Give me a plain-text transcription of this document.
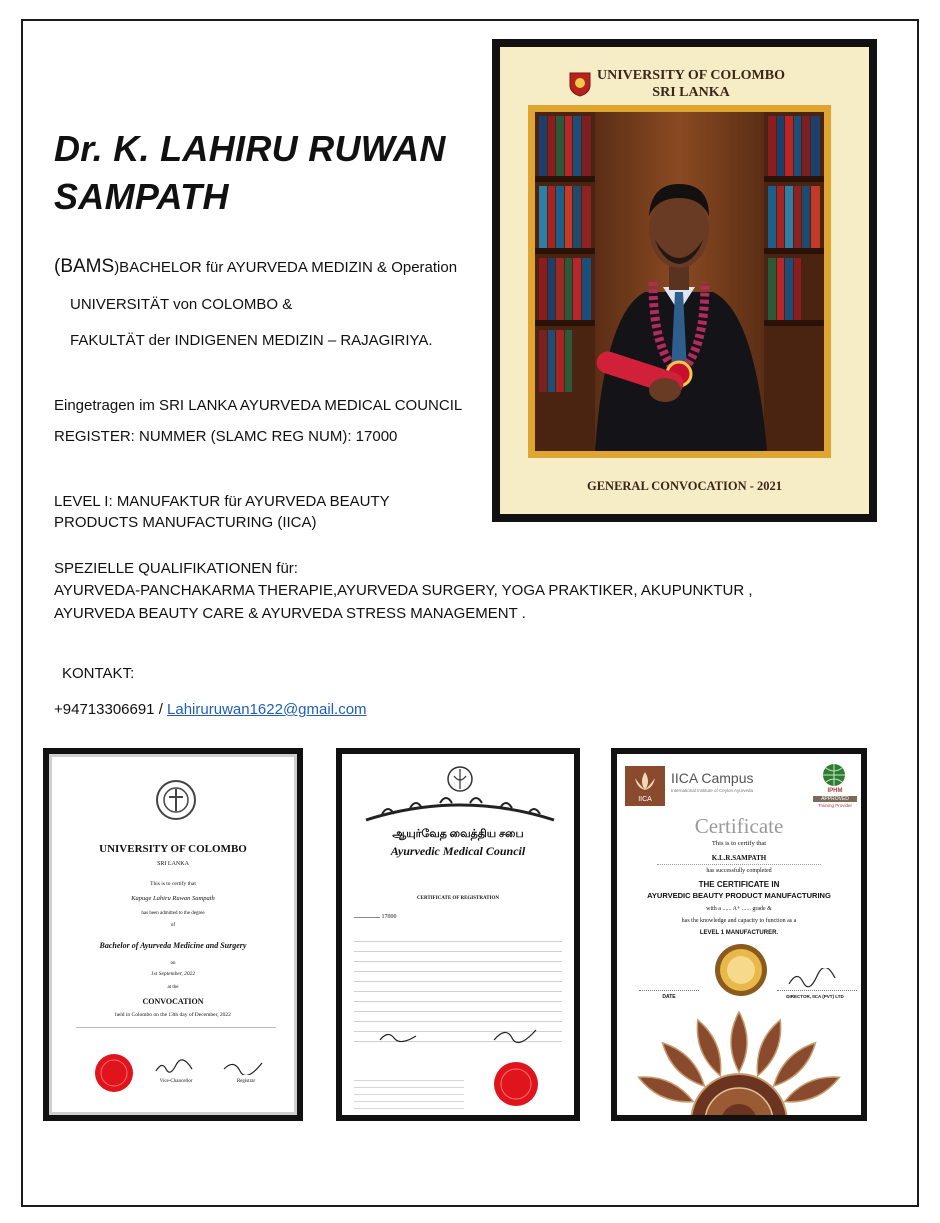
Dr. K. LAHIRU RUWAN
SAMPATH
(BAMS)BACHELOR für AYURVEDA MEDIZIN & Operation
UNIVERSITÄT von COLOMBO &
FAKULTÄT der INDIGENEN MEDIZIN – RAJAGIRIYA.
Eingetragen im SRI LANKA AYURVEDA MEDICAL COUNCIL
REGISTER: NUMMER (SLAMC REG NUM): 17000
LEVEL I: MANUFAKTUR für AYURVEDA BEAUTY
PRODUCTS MANUFACTURING (IICA)
SPEZIELLE QUALIFIKATIONEN für:
AYURVEDA-PANCHAKARMA THERAPIE,AYURVEDA SURGERY, YOGA PRAKTIKER, AKUPUNKTUR ,
AYURVEDA BEAUTY CARE & AYURVEDA STRESS MANAGEMENT .
KONTAKT:
+94713306691 / Lahiruruwan1622@gmail.com
UNIVERSITY OF COLOMBO
SRI LANKA
GENERAL CONVOCATION - 2021
UNIVERSITY OF COLOMBO
SRI LANKA
This is to certify that
Kapuge Lahiru Ruwan Sampath
has been admitted to the degree
of
Bachelor of Ayurveda Medicine and Surgery
on
1st September, 2022
at the
CONVOCATION
held in Colombo on the 13th day of December, 2022
Vice-Chancellor	Registrar
ஆயுர்வேத வைத்திய சபை
Ayurvedic Medical Council
CERTIFICATE OF REGISTRATION
17000
IICA
IICA Campus
International Institute of Ceylon Ayurveda	IPHM
APPROVED
Training Provider
Certificate
This is to certify that
K.L.R.SAMPATH
has successfully completed
THE CERTIFICATE IN
AYURVEDIC BEAUTY PRODUCT MANUFACTURING
with a ...... A+ ...... grade &
has the knowledge and capacity to function as a
LEVEL 1 MANUFACTURER.
DATE	DIRECTOR, IICA (PVT) LTD
